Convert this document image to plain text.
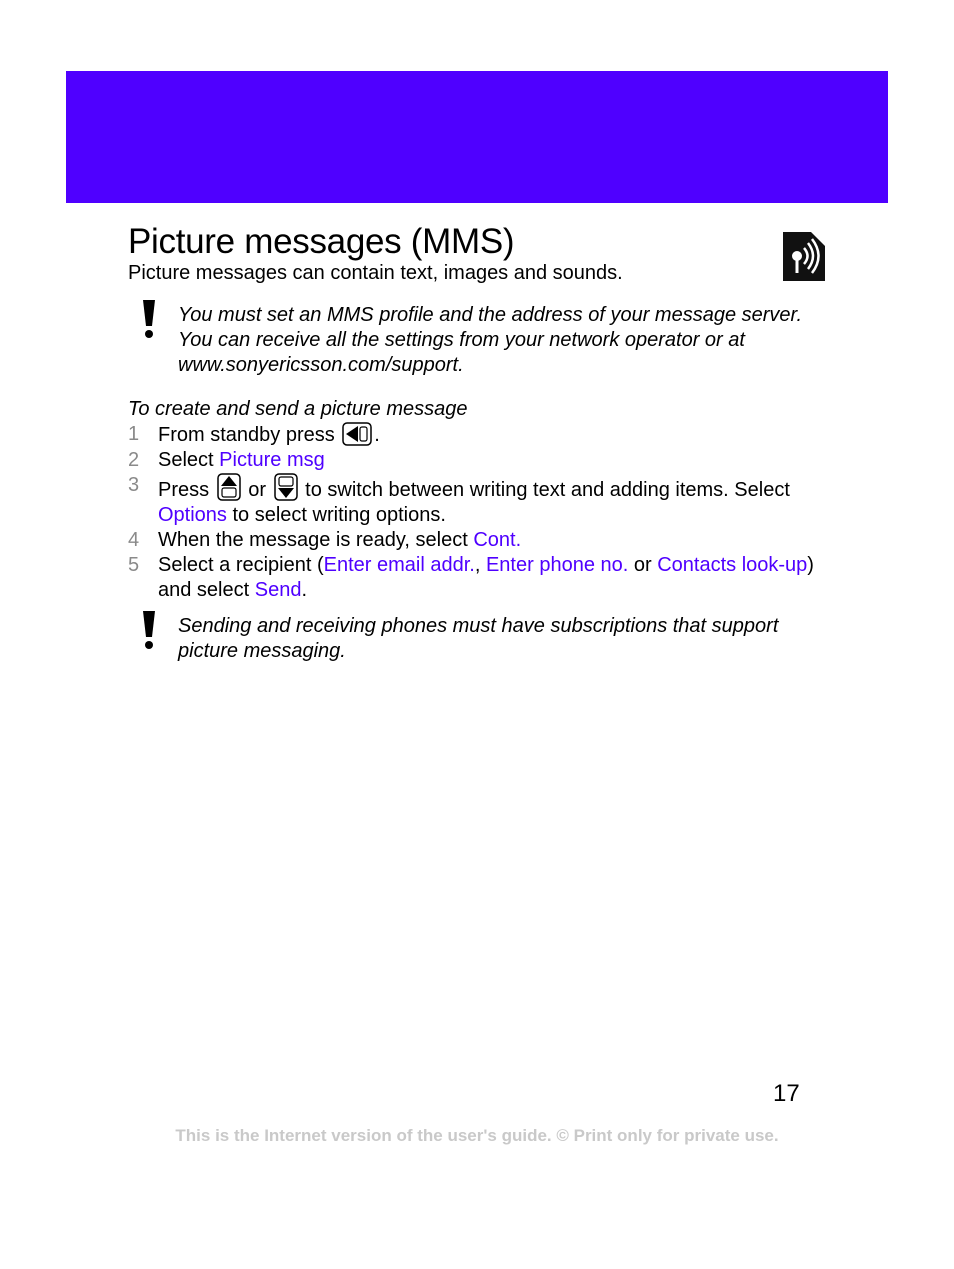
Picture messages (MMS)
Picture messages can contain text, images and sounds.
You must set an MMS profile and the address of your message server. You can receive all the settings from your network operator or at www.sonyericsson.com/support.
To create and send a picture message
1 From standby press .
2 Select Picture msg
3 Press or to switch between writing text and adding items. Select Options to select writing options.
4 When the message is ready, select Cont.
5 Select a recipient (Enter email addr., Enter phone no. or Contacts look-up) and select Send.
Sending and receiving phones must have subscriptions that support picture messaging.
17
This is the Internet version of the user's guide. © Print only for private use.
